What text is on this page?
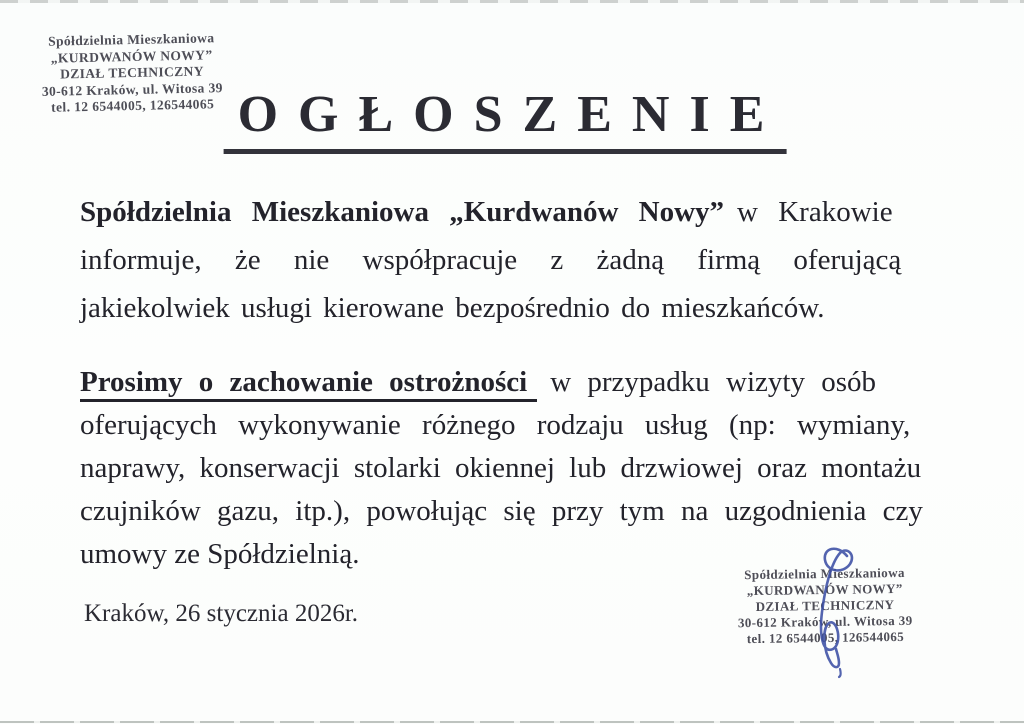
Spółdzielnia Mieszkaniowa
„KURDWANÓW NOWY”
DZIAŁ TECHNICZNY
30-612 Kraków, ul. Witosa 39
tel. 12 6544005, 126544065 OGŁOSZENIE
Spółdzielnia Mieszkaniowa „Kurdwanów Nowy” w Krakowie
informuje, że nie współpracuje z żadną firmą oferującą
jakiekolwiek usługi kierowane bezpośrednio do mieszkańców.
Prosimy o zachowanie ostrożności w przypadku wizyty osób
oferujących wykonywanie różnego rodzaju usług (np: wymiany,
naprawy, konserwacji stolarki okiennej lub drzwiowej oraz montażu
czujników gazu, itp.), powołując się przy tym na uzgodnienia czy
umowy ze Spółdzielnią.
Kraków, 26 stycznia 2026r.
Spółdzielnia Mieszkaniowa
„KURDWANÓW NOWY”
DZIAŁ TECHNICZNY
30-612 Kraków, ul. Witosa 39
tel. 12 6544005, 126544065
